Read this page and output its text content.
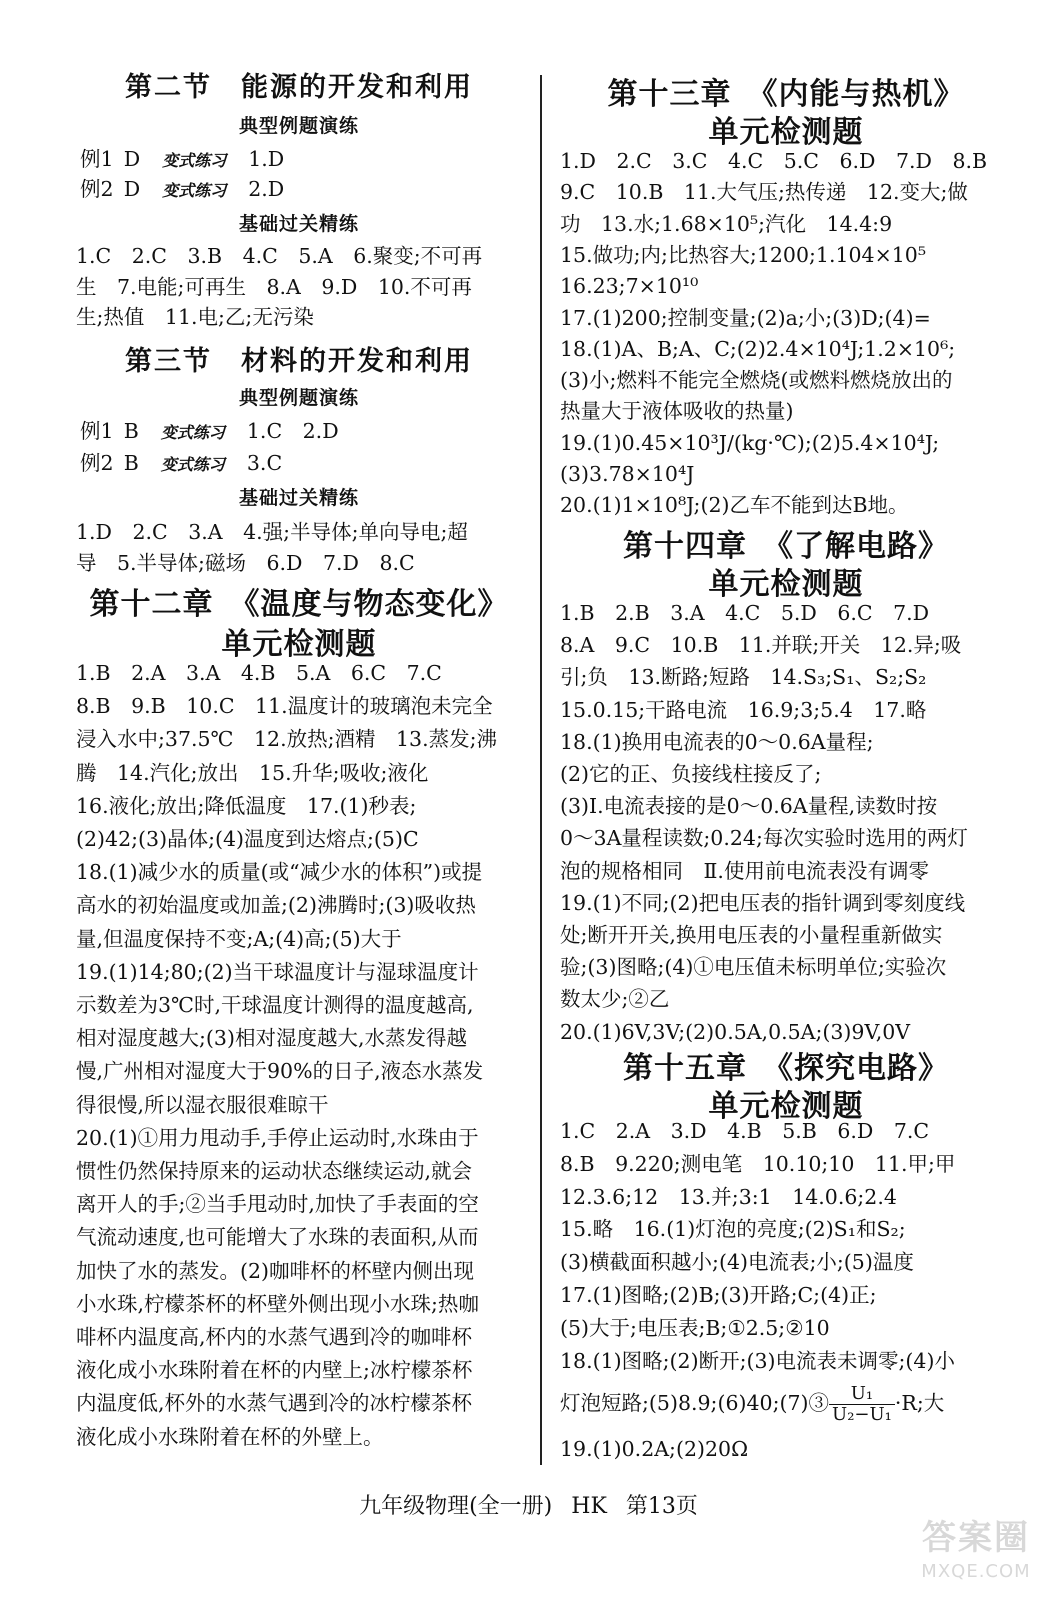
第二节　能源的开发和利用
典型例题演练
例1  D 变式练习 1.D
例2  D 变式练习 2.D
基础过关精练
1.C　2.C　3.B　4.C　5.A　6.聚变;不可再
生　7.电能;可再生　8.A　9.D　10.不可再
生;热值　11.电;乙;无污染
第三节　材料的开发和利用
典型例题演练
例1  B 变式练习 1.C　2.D
例2  B 变式练习 3.C
基础过关精练
1.D　2.C　3.A　4.强;半导体;单向导电;超
导　5.半导体;磁场　6.D　7.D　8.C
第十二章　《温度与物态变化》
单元检测题
1.B　2.A　3.A　4.B　5.A　6.C　7.C
8.B　9.B　10.C　11.温度计的玻璃泡未完全
浸入水中;37.5℃　12.放热;酒精　13.蒸发;沸
腾　14.汽化;放出　15.升华;吸收;液化
16.液化;放出;降低温度　17.(1)秒表;
(2)42;(3)晶体;(4)温度到达熔点;(5)C
18.(1)减少水的质量(或“减少水的体积”)或提
高水的初始温度或加盖;(2)沸腾时;(3)吸收热
量,但温度保持不变;A;(4)高;(5)大于
19.(1)14;80;(2)当干球温度计与湿球温度计
示数差为3℃时,干球温度计测得的温度越高,
相对湿度越大;(3)相对湿度越大,水蒸发得越
慢,广州相对湿度大于90%的日子,液态水蒸发
得很慢,所以湿衣服很难晾干
20.(1)①用力甩动手,手停止运动时,水珠由于
惯性仍然保持原来的运动状态继续运动,就会
离开人的手;②当手甩动时,加快了手表面的空
气流动速度,也可能增大了水珠的表面积,从而
加快了水的蒸发。(2)咖啡杯的杯壁内侧出现
小水珠,柠檬茶杯的杯壁外侧出现小水珠;热咖
啡杯内温度高,杯内的水蒸气遇到冷的咖啡杯
液化成小水珠附着在杯的内壁上;冰柠檬茶杯
内温度低,杯外的水蒸气遇到冷的冰柠檬茶杯
液化成小水珠附着在杯的外壁上。
第十三章　《内能与热机》
单元检测题
1.D　2.C　3.C　4.C　5.C　6.D　7.D　8.B
9.C　10.B　11.大气压;热传递　12.变大;做
功　13.水;1.68×10⁵;汽化　14.4:9
15.做功;内;比热容大;1200;1.104×10⁵
16.23;7×10¹⁰
17.(1)200;控制变量;(2)a;小;(3)D;(4)=
18.(1)A、B;A、C;(2)2.4×10⁴J;1.2×10⁶;
(3)小;燃料不能完全燃烧(或燃料燃烧放出的
热量大于液体吸收的热量)
19.(1)0.45×10³J/(kg·℃);(2)5.4×10⁴J;
(3)3.78×10⁴J
20.(1)1×10⁸J;(2)乙车不能到达B地。
第十四章　《了解电路》
单元检测题
1.B　2.B　3.A　4.C　5.D　6.C　7.D
8.A　9.C　10.B　11.并联;开关　12.异;吸
引;负　13.断路;短路　14.S₃;S₁、S₂;S₂
15.0.15;干路电流　16.9;3;5.4　17.略
18.(1)换用电流表的0～0.6A量程;
(2)它的正、负接线柱接反了;
(3)Ⅰ.电流表接的是0～0.6A量程,读数时按
0～3A量程读数;0.24;每次实验时选用的两灯
泡的规格相同　Ⅱ.使用前电流表没有调零
19.(1)不同;(2)把电压表的指针调到零刻度线
处;断开开关,换用电压表的小量程重新做实
验;(3)图略;(4)①电压值未标明单位;实验次
数太少;②乙
20.(1)6V,3V;(2)0.5A,0.5A;(3)9V,0V
第十五章　《探究电路》
单元检测题
1.C　2.A　3.D　4.B　5.B　6.D　7.C
8.B　9.220;测电笔　10.10;10　11.甲;甲
12.3.6;12　13.并;3:1　14.0.6;2.4
15.略　16.(1)灯泡的亮度;(2)S₁和S₂;
(3)横截面积越小;(4)电流表;小;(5)温度
17.(1)图略;(2)B;(3)开路;C;(4)正;
(5)大于;电压表;B;①2.5;②10
18.(1)图略;(2)断开;(3)电流表未调零;(4)小
灯泡短路;(5)8.9;(6)40;(7)③ $\frac{\text{U₁}}{\text{U₂−U₁}} \cdot R$;大
19.(1)0.2A;(2)20Ω
九年级物理(全一册) HK 第13页
答案圈
MXQE.COM
